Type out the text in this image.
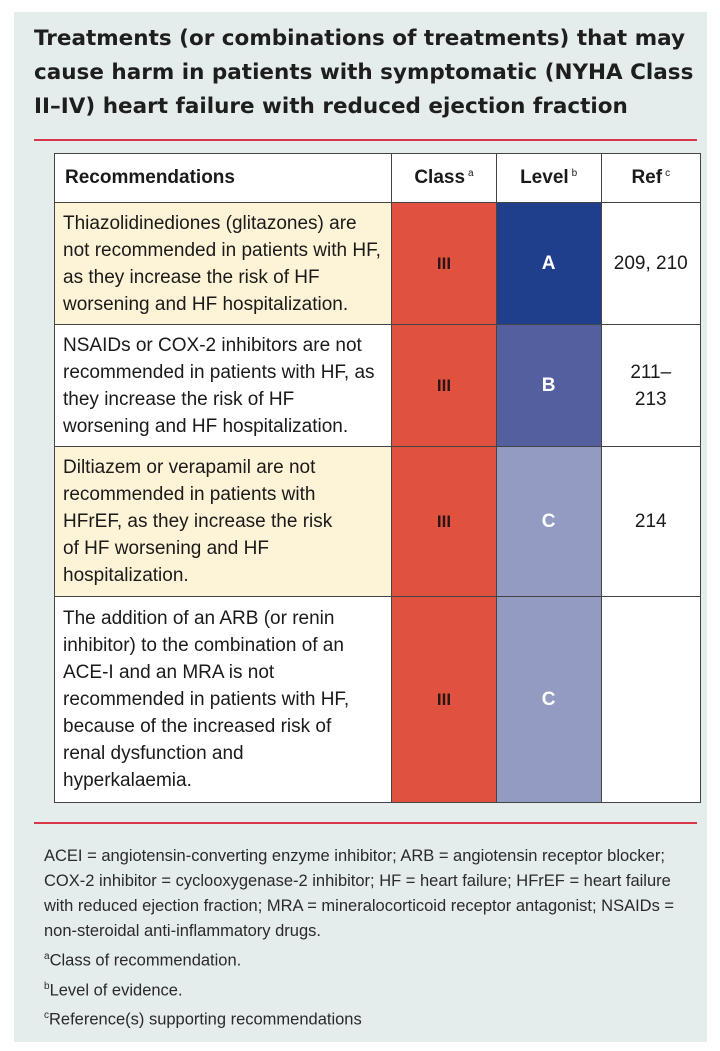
Treatments (or combinations of treatments) that may cause harm in patients with symptomatic (NYHA Class II–IV) heart failure with reduced ejection fraction
Recommendations	Class $^a$	Level $^b$	Ref $^c$
Thiazolidinediones (glitazones) are not recommended in patients with HF, as they increase the risk of HF worsening and HF hospitalization.	III	A	209, 210
NSAIDs or COX-2 inhibitors are not recommended in patients with HF, as they increase the risk of HF worsening and HF hospitalization.	III	B	211– 213
Diltiazem or verapamil are not recommended in patients with HFrEF, as they increase the risk of HF worsening and HF hospitalization.	III	C	214
The addition of an ARB (or renin inhibitor) to the combination of an ACE-I and an MRA is not recommended in patients with HF, because of the increased risk of renal dysfunction and hyperkalaemia.	III	C	

ACEI = angiotensin-converting enzyme inhibitor; ARB = angiotensin receptor blocker; COX-2 inhibitor = cyclooxygenase-2 inhibitor; HF = heart failure; HFrEF = heart failure with reduced ejection fraction; MRA = mineralocorticoid receptor antagonist; NSAIDs = non-steroidal anti-inflammatory drugs.

$^a$Class of recommendation.

$^b$Level of evidence.

$^c$Reference(s) supporting recommendations
